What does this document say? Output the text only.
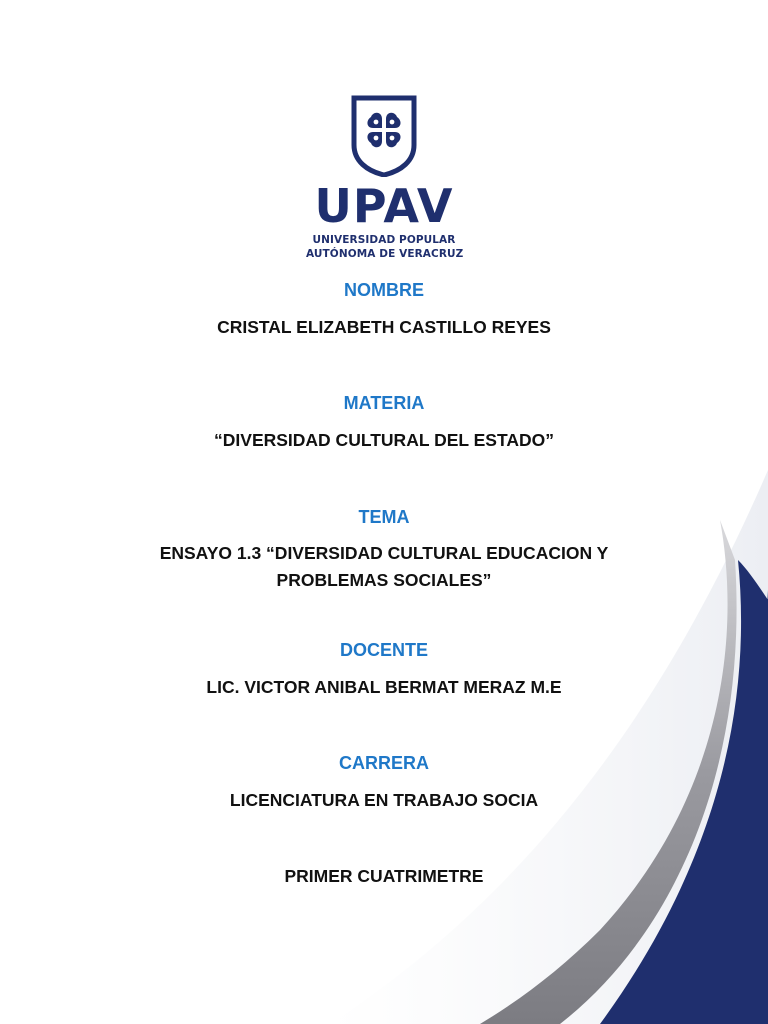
UPAV
UNIVERSIDAD POPULAR
AUTÓNOMA DE VERACRUZ
NOMBRE
CRISTAL ELIZABETH CASTILLO REYES
MATERIA
“DIVERSIDAD CULTURAL DEL ESTADO”
TEMA
ENSAYO 1.3 “DIVERSIDAD CULTURAL EDUCACION Y
PROBLEMAS SOCIALES”
DOCENTE
LIC. VICTOR ANIBAL BERMAT MERAZ M.E
CARRERA
LICENCIATURA EN TRABAJO SOCIA
PRIMER CUATRIMETRE
